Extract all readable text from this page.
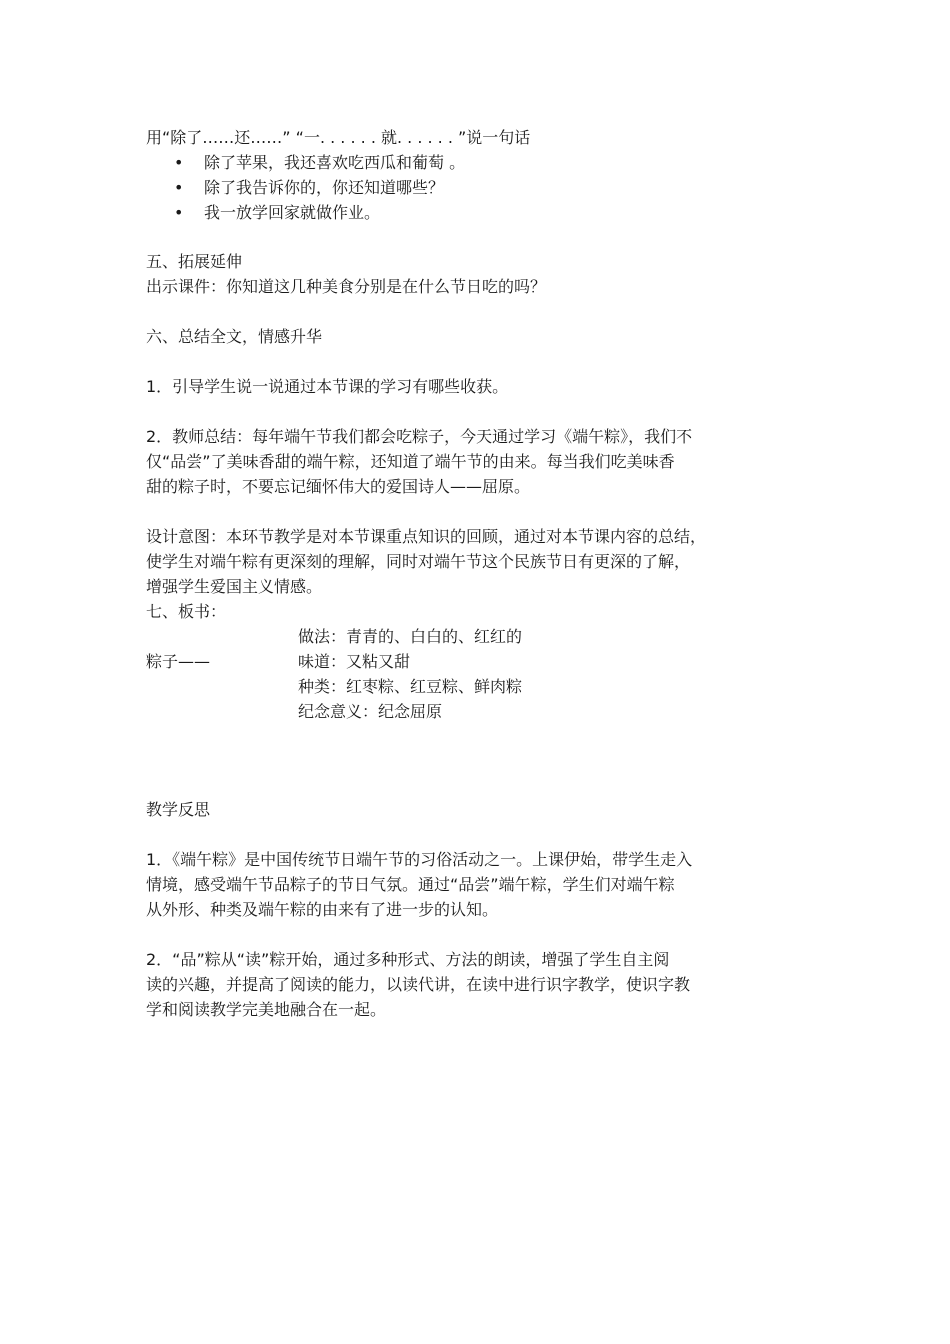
用“除了……还……” “一. . . . . . 就. . . . . . ”说一句话
• 除了苹果，我还喜欢吃西瓜和葡萄 。
• 除了我告诉你的，你还知道哪些？
• 我一放学回家就做作业。
五、拓展延伸
出示课件：你知道这几种美食分别是在什么节日吃的吗？
六、总结全文，情感升华
1．引导学生说一说通过本节课的学习有哪些收获。
2．教师总结：每年端午节我们都会吃粽子，今天通过学习《端午粽》，我们不
仅“品尝”了美味香甜的端午粽，还知道了端午节的由来。每当我们吃美味香
甜的粽子时，不要忘记缅怀伟大的爱国诗人——屈原。
设计意图：本环节教学是对本节课重点知识的回顾，通过对本节课内容的总结，
使学生对端午粽有更深刻的理解，同时对端午节这个民族节日有更深的了解，
增强学生爱国主义情感。
七、板书：
做法：青青的、白白的、红红的
粽子——	味道：又粘又甜
种类：红枣粽、红豆粽、鲜肉粽
纪念意义：纪念屈原
教学反思
1．《端午粽》是中国传统节日端午节的习俗活动之一。上课伊始，带学生走入
情境，感受端午节品粽子的节日气氛。通过“品尝”端午粽，学生们对端午粽
从外形、种类及端午粽的由来有了进一步的认知。
2．“品”粽从“读”粽开始，通过多种形式、方法的朗读，增强了学生自主阅
读的兴趣，并提高了阅读的能力，以读代讲，在读中进行识字教学，使识字教
学和阅读教学完美地融合在一起。
